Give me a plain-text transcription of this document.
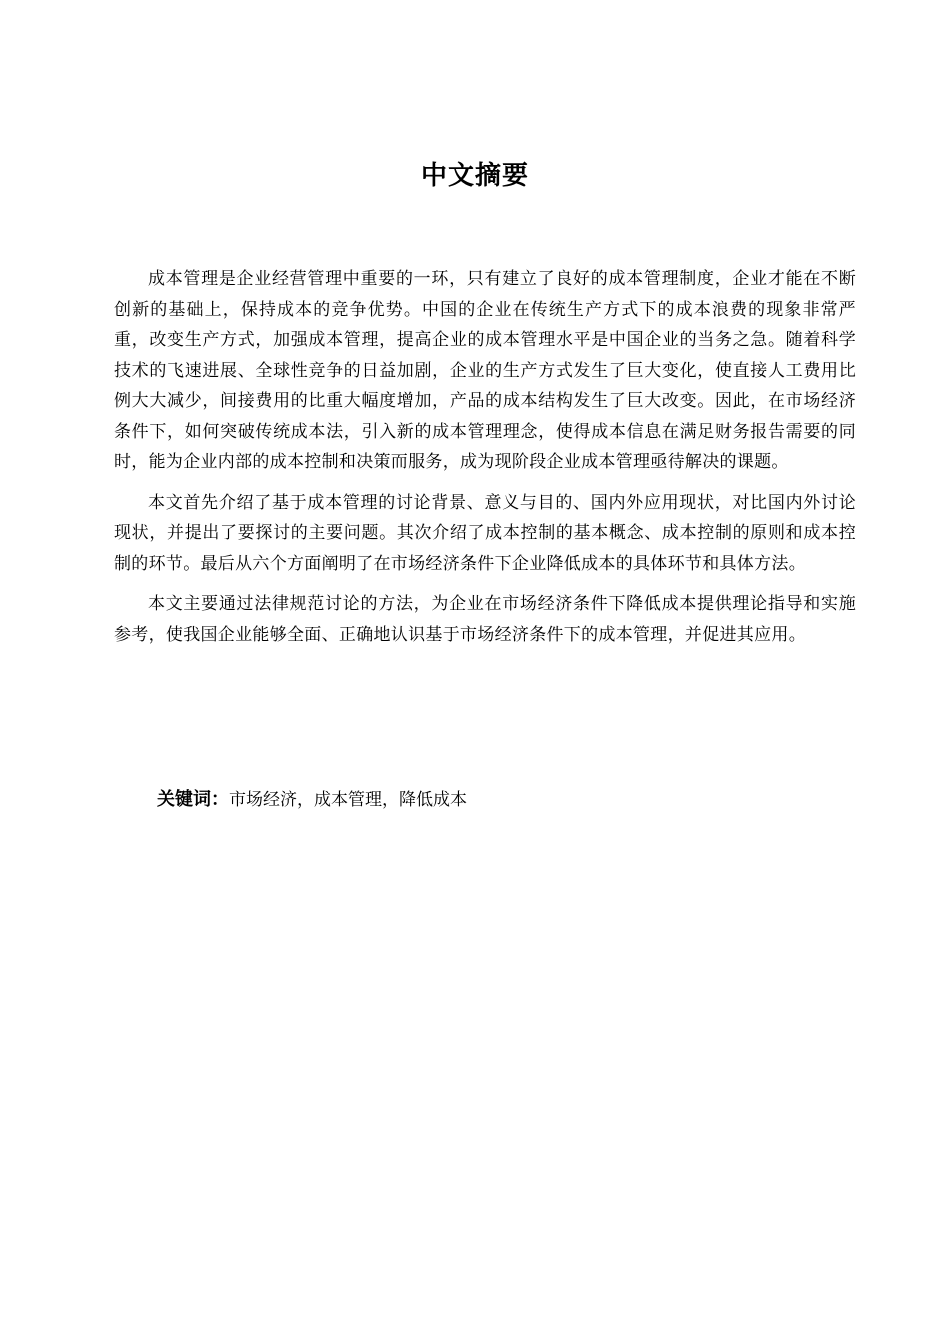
中文摘要

成本管理是企业经营管理中重要的一环，只有建立了良好的成本管理制度，企业才能在不断创新的基础上，保持成本的竞争优势。中国的企业在传统生产方式下的成本浪费的现象非常严重，改变生产方式，加强成本管理，提高企业的成本管理水平是中国企业的当务之急。随着科学技术的飞速进展、全球性竞争的日益加剧，企业的生产方式发生了巨大变化，使直接人工费用比例大大减少，间接费用的比重大幅度增加，产品的成本结构发生了巨大改变。因此，在市场经济条件下，如何突破传统成本法，引入新的成本管理理念，使得成本信息在满足财务报告需要的同时，能为企业内部的成本控制和决策而服务，成为现阶段企业成本管理亟待解决的课题。

本文首先介绍了基于成本管理的讨论背景、意义与目的、国内外应用现状，对比国内外讨论现状，并提出了要探讨的主要问题。其次介绍了成本控制的基本概念、成本控制的原则和成本控制的环节。最后从六个方面阐明了在市场经济条件下企业降低成本的具体环节和具体方法。

本文主要通过法律规范讨论的方法，为企业在市场经济条件下降低成本提供理论指导和实施参考，使我国企业能够全面、正确地认识基于市场经济条件下的成本管理，并促进其应用。

关键词：市场经济，成本管理，降低成本
